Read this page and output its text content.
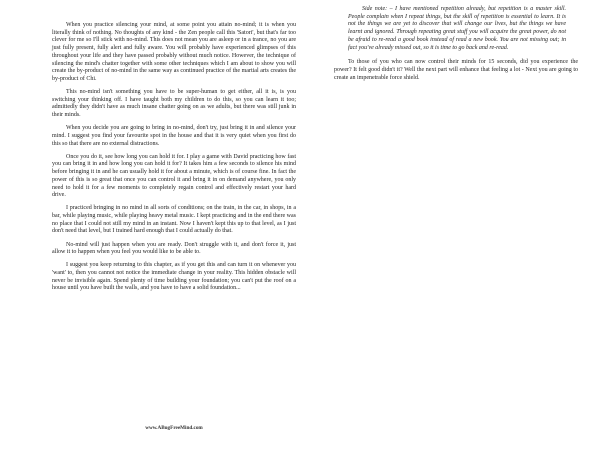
When you practice silencing your mind, at some point you attain no-mind; it is when you literally think of nothing. No thoughts of any kind - the Zen people call this 'Satori', but that's far too clever for me so I'll stick with no-mind. This does not mean you are asleep or in a trance, no you are just fully present, fully alert and fully aware. You will probably have experienced glimpses of this throughout your life and they have passed probably without much notice. However, the technique of silencing the mind's chatter together with some other techniques which I am about to show you will create the by-product of no-mind in the same way as continued practice of the martial arts creates the by-product of Chi.

This no-mind isn't something you have to be super-human to get either, all it is, is you switching your thinking off. I have taught both my children to do this, so you can learn it too; admittedly they didn't have as much insane chatter going on as we adults, but there was still junk in their minds.

When you decide you are going to bring in no-mind, don't try, just bring it in and silence your mind. I suggest you find your favourite spot in the house and that it is very quiet when you first do this so that there are no external distractions.

Once you do it, see how long you can hold it for. I play a game with David practicing how fast you can bring it in and how long you can hold it for? It takes him a few seconds to silence his mind before bringing it in and he can usually hold it for about a minute, which is of course fine. In fact the power of this is so great that once you can control it and bring it in on demand anywhere, you only need to hold it for a few moments to completely regain control and effectively restart your hard drive.

I practiced bringing in no mind in all sorts of conditions; on the train, in the car, in shops, in a bar, while playing music, while playing heavy metal music. I kept practicing and in the end there was no place that I could not still my mind in an instant. Now I haven't kept this up to that level, as I just don't need that level, but I trained hard enough that I could actually do that.

No-mind will just happen when you are ready. Don't struggle with it, and don't force it, just allow it to happen when you feel you would like to be able to.

I suggest you keep returning to this chapter, as if you get this and can turn it on whenever you 'want' to, then you cannot not notice the immediate change in your reality. This hidden obstacle will never be invisible again. Spend plenty of time building your foundation; you can't put the roof on a house until you have built the walls, and you have to have a solid foundation...

www.ABugFreeMind.com

Side note: – I have mentioned repetition already, but repetition is a master skill. People complain when I repeat things, but the skill of repetition is essential to learn. It is not the things we are yet to discover that will change our lives, but the things we have learnt and ignored. Through repeating great stuff you will acquire the great power, do not be afraid to re-read a good book instead of read a new book. You are not missing out; in fact you've already missed out, so it is time to go back and re-read.

To those of you who can now control their minds for 15 seconds, did you experience the power? It felt good didn't it? Well the next part will enhance that feeling a lot - Next you are going to create an impenetrable force shield.
